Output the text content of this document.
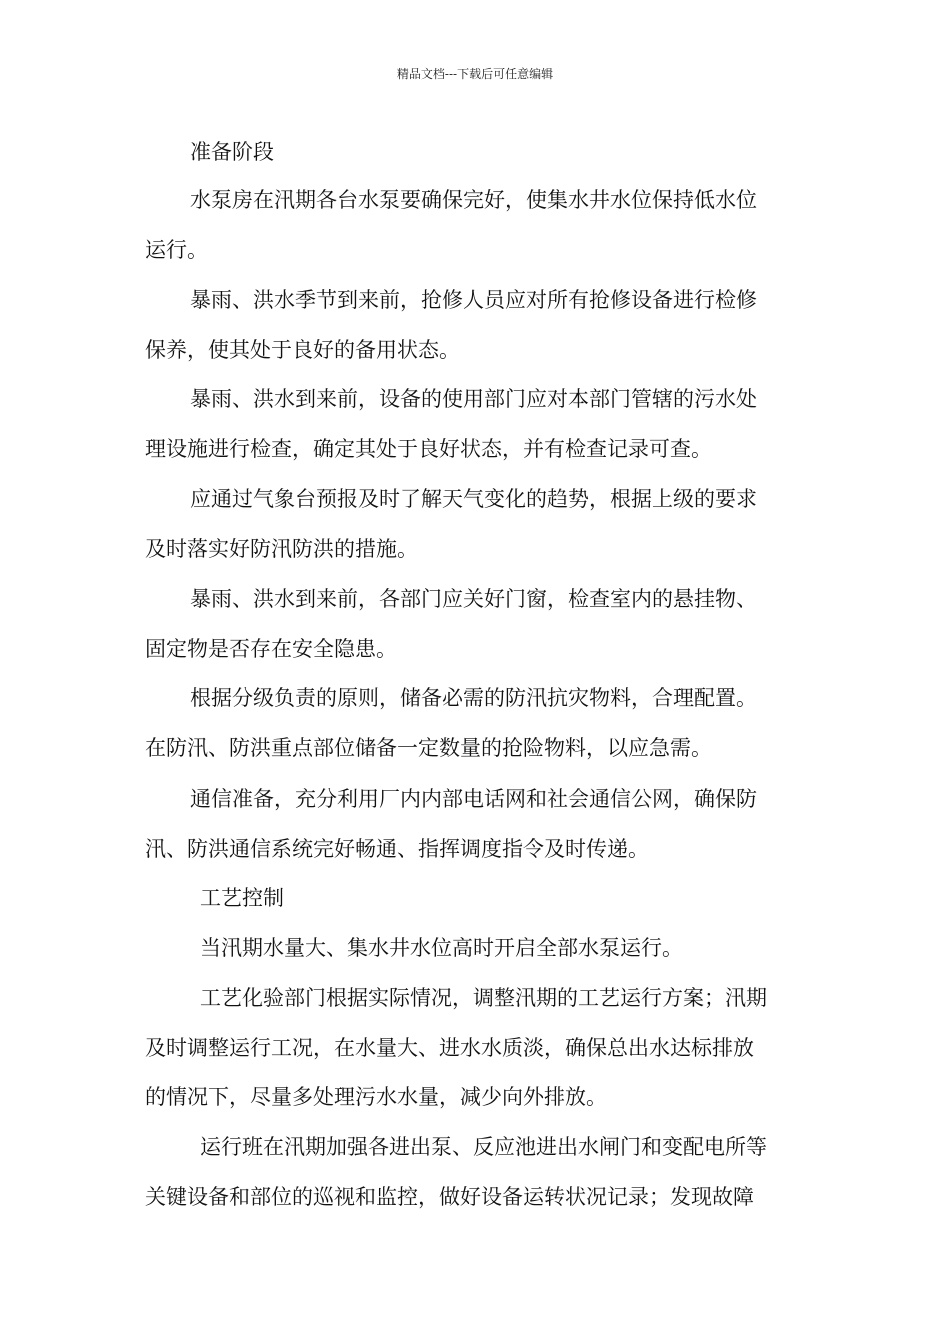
精品文档---下载后可任意编辑

准备阶段

水泵房在汛期各台水泵要确保完好，使集水井水位保持低水位

运行。

暴雨、洪水季节到来前，抢修人员应对所有抢修设备进行检修

保养，使其处于良好的备用状态。

暴雨、洪水到来前，设备的使用部门应对本部门管辖的污水处

理设施进行检查，确定其处于良好状态，并有检查记录可查。

应通过气象台预报及时了解天气变化的趋势，根据上级的要求

及时落实好防汛防洪的措施。

暴雨、洪水到来前，各部门应关好门窗，检查室内的悬挂物、

固定物是否存在安全隐患。

根据分级负责的原则，储备必需的防汛抗灾物料，合理配置。

在防汛、防洪重点部位储备一定数量的抢险物料，以应急需。

通信准备，充分利用厂内内部电话网和社会通信公网，确保防

汛、防洪通信系统完好畅通、指挥调度指令及时传递。

工艺控制

当汛期水量大、集水井水位高时开启全部水泵运行。

工艺化验部门根据实际情况，调整汛期的工艺运行方案；汛期

及时调整运行工况，在水量大、进水水质淡，确保总出水达标排放

的情况下，尽量多处理污水水量，减少向外排放。

运行班在汛期加强各进出泵、反应池进出水闸门和变配电所等

关键设备和部位的巡视和监控，做好设备运转状况记录；发现故障
